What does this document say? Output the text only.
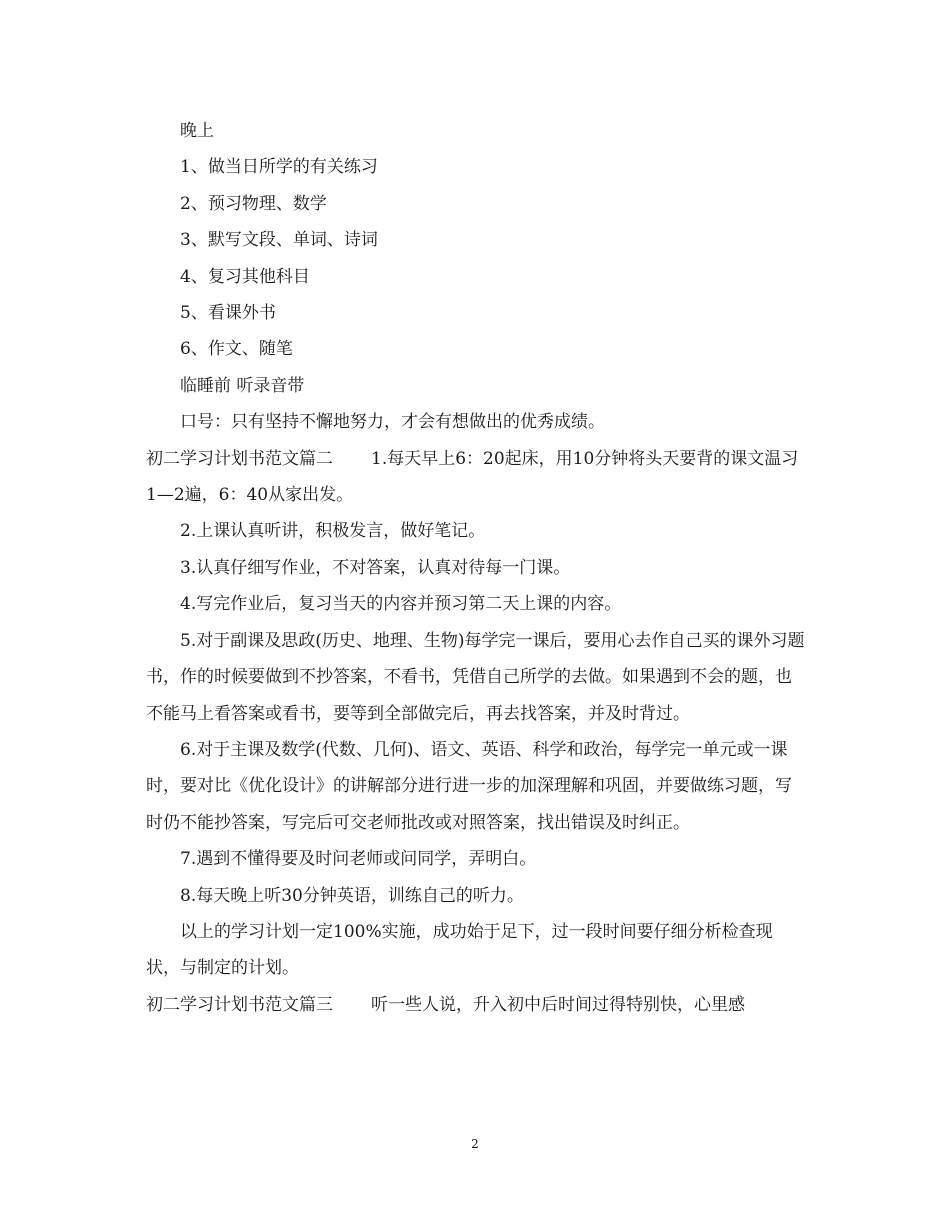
晚上

1、做当日所学的有关练习

2、预习物理、数学

3、默写文段、单词、诗词

4、复习其他科目

5、看课外书

6、作文、随笔

临睡前 听录音带

口号：只有坚持不懈地努力，才会有想做出的优秀成绩。

初二学习计划书范文篇二 1.每天早上6：20起床，用10分钟将头天要背的课文温习1—2遍，6：40从家出发。

2.上课认真听讲，积极发言，做好笔记。

3.认真仔细写作业，不对答案，认真对待每一门课。

4.写完作业后，复习当天的内容并预习第二天上课的内容。

5.对于副课及思政(历史、地理、生物)每学完一课后，要用心去作自己买的课外习题书，作的时候要做到不抄答案，不看书，凭借自己所学的去做。如果遇到不会的题，也不能马上看答案或看书，要等到全部做完后，再去找答案，并及时背过。

6.对于主课及数学(代数、几何)、语文、英语、科学和政治，每学完一单元或一课时，要对比《优化设计》的讲解部分进行进一步的加深理解和巩固，并要做练习题，写时仍不能抄答案，写完后可交老师批改或对照答案，找出错误及时纠正。

7.遇到不懂得要及时问老师或问同学，弄明白。

8.每天晚上听30分钟英语，训练自己的听力。

以上的学习计划一定100%实施，成功始于足下，过一段时间要仔细分析检查现状，与制定的计划。

初二学习计划书范文篇三 听一些人说，升入初中后时间过得特别快，心里感

2
